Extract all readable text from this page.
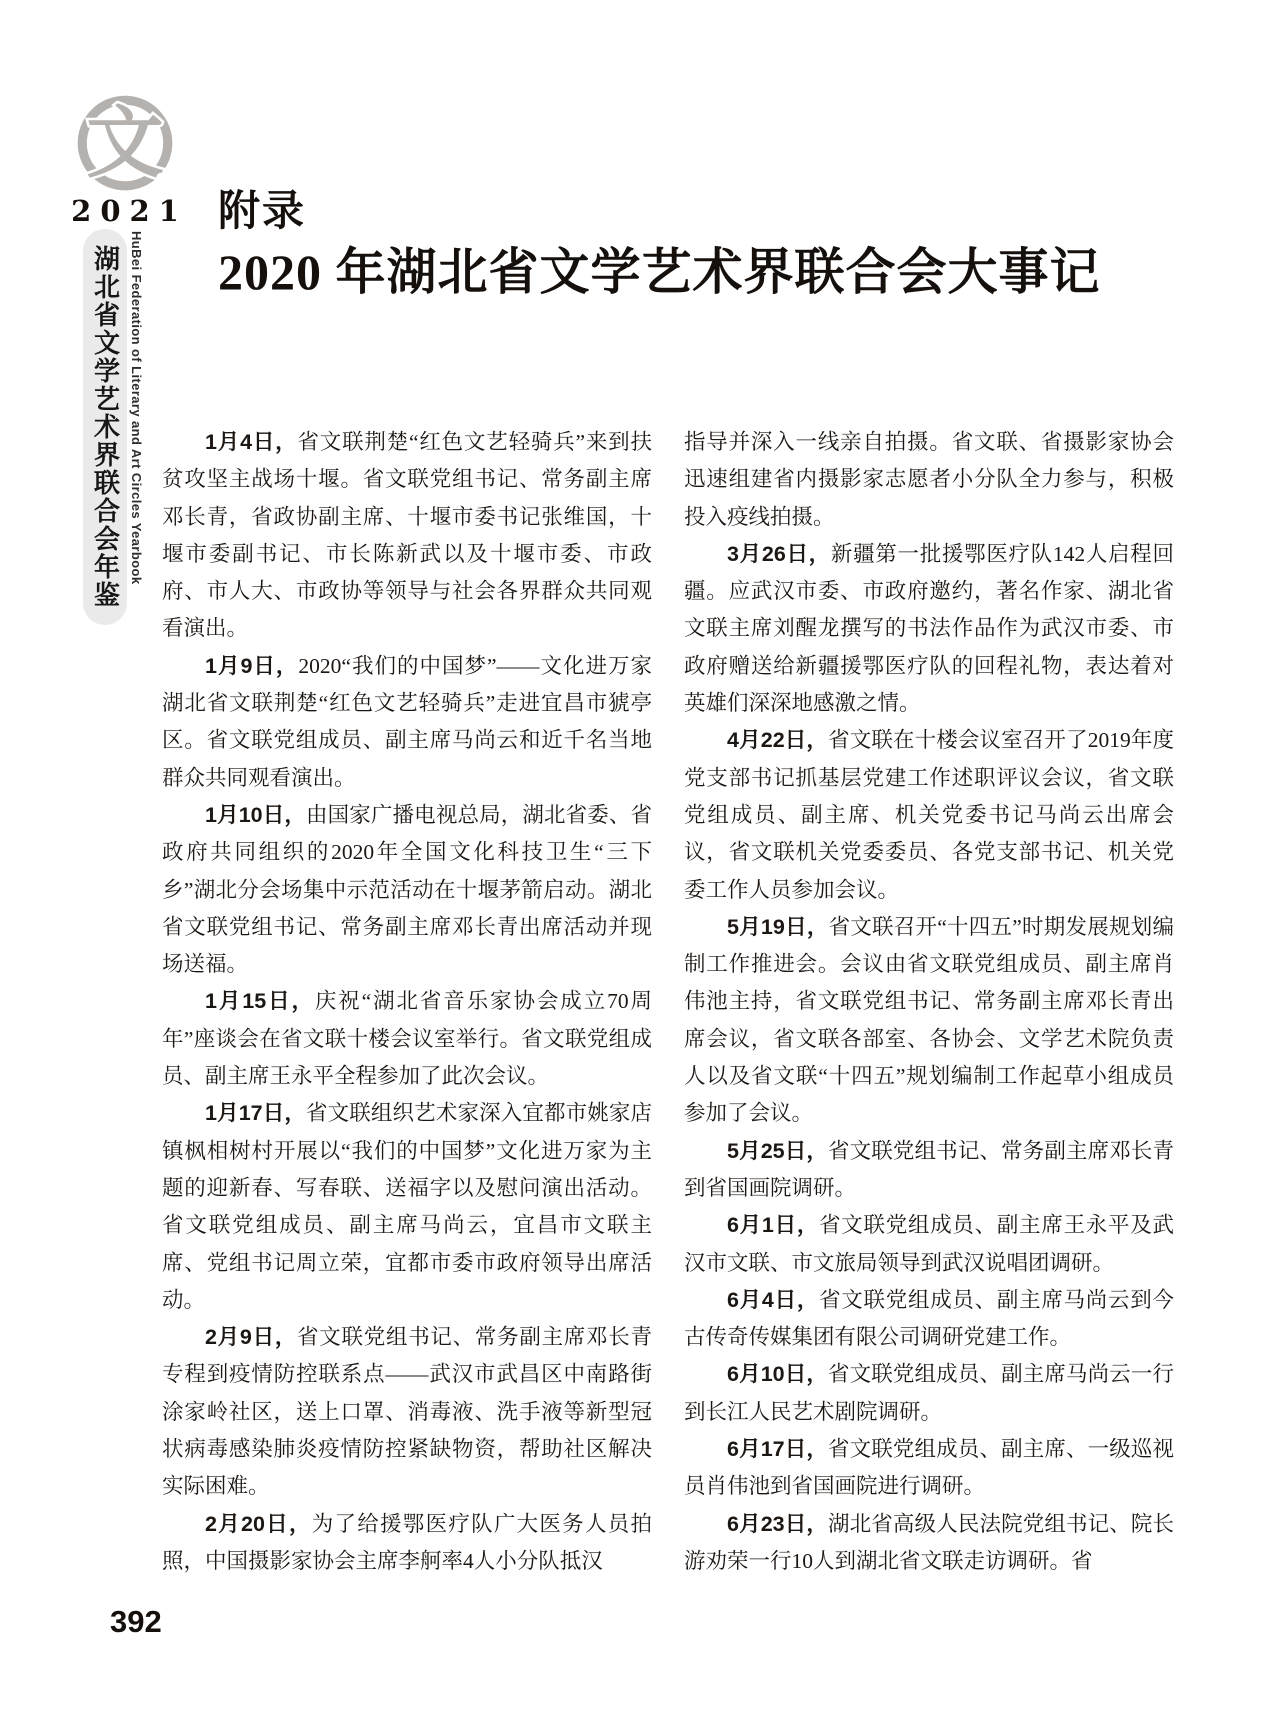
文
2021
湖北省文学艺术界联合会年鉴 HuBei Federation of Literary and Art Circles Yearbook
附录
2020 年湖北省文学艺术界联合会大事记

1月4日，省文联荆楚“红色文艺轻骑兵”来到扶贫攻坚主战场十堰。省文联党组书记、常务副主席邓长青，省政协副主席、十堰市委书记张维国，十堰市委副书记、市长陈新武以及十堰市委、市政府、市人大、市政协等领导与社会各界群众共同观看演出。

1月9日，2020“我们的中国梦”——文化进万家湖北省文联荆楚“红色文艺轻骑兵”走进宜昌市猇亭区。省文联党组成员、副主席马尚云和近千名当地群众共同观看演出。

1月10日，由国家广播电视总局，湖北省委、省政府共同组织的2020年全国文化科技卫生“三下乡”湖北分会场集中示范活动在十堰茅箭启动。湖北省文联党组书记、常务副主席邓长青出席活动并现场送福。

1月15日，庆祝“湖北省音乐家协会成立70周年”座谈会在省文联十楼会议室举行。省文联党组成员、副主席王永平全程参加了此次会议。

1月17日，省文联组织艺术家深入宜都市姚家店镇枫相树村开展以“我们的中国梦”文化进万家为主题的迎新春、写春联、送福字以及慰问演出活动。省文联党组成员、副主席马尚云，宜昌市文联主席、党组书记周立荣，宜都市委市政府领导出席活动。

2月9日，省文联党组书记、常务副主席邓长青专程到疫情防控联系点——武汉市武昌区中南路街涂家岭社区，送上口罩、消毒液、洗手液等新型冠状病毒感染肺炎疫情防控紧缺物资，帮助社区解决实际困难。

2月20日，为了给援鄂医疗队广大医务人员拍照，中国摄影家协会主席李舸率4人小分队抵汉

指导并深入一线亲自拍摄。省文联、省摄影家协会迅速组建省内摄影家志愿者小分队全力参与，积极投入疫线拍摄。

3月26日，新疆第一批援鄂医疗队142人启程回疆。应武汉市委、市政府邀约，著名作家、湖北省文联主席刘醒龙撰写的书法作品作为武汉市委、市政府赠送给新疆援鄂医疗队的回程礼物，表达着对英雄们深深地感激之情。

4月22日，省文联在十楼会议室召开了2019年度党支部书记抓基层党建工作述职评议会议，省文联党组成员、副主席、机关党委书记马尚云出席会议，省文联机关党委委员、各党支部书记、机关党委工作人员参加会议。

5月19日，省文联召开“十四五”时期发展规划编制工作推进会。会议由省文联党组成员、副主席肖伟池主持，省文联党组书记、常务副主席邓长青出席会议，省文联各部室、各协会、文学艺术院负责人以及省文联“十四五”规划编制工作起草小组成员参加了会议。

5月25日，省文联党组书记、常务副主席邓长青到省国画院调研。

6月1日，省文联党组成员、副主席王永平及武汉市文联、市文旅局领导到武汉说唱团调研。

6月4日，省文联党组成员、副主席马尚云到今古传奇传媒集团有限公司调研党建工作。

6月10日，省文联党组成员、副主席马尚云一行到长江人民艺术剧院调研。

6月17日，省文联党组成员、副主席、一级巡视员肖伟池到省国画院进行调研。

6月23日，湖北省高级人民法院党组书记、院长游劝荣一行10人到湖北省文联走访调研。省

392
